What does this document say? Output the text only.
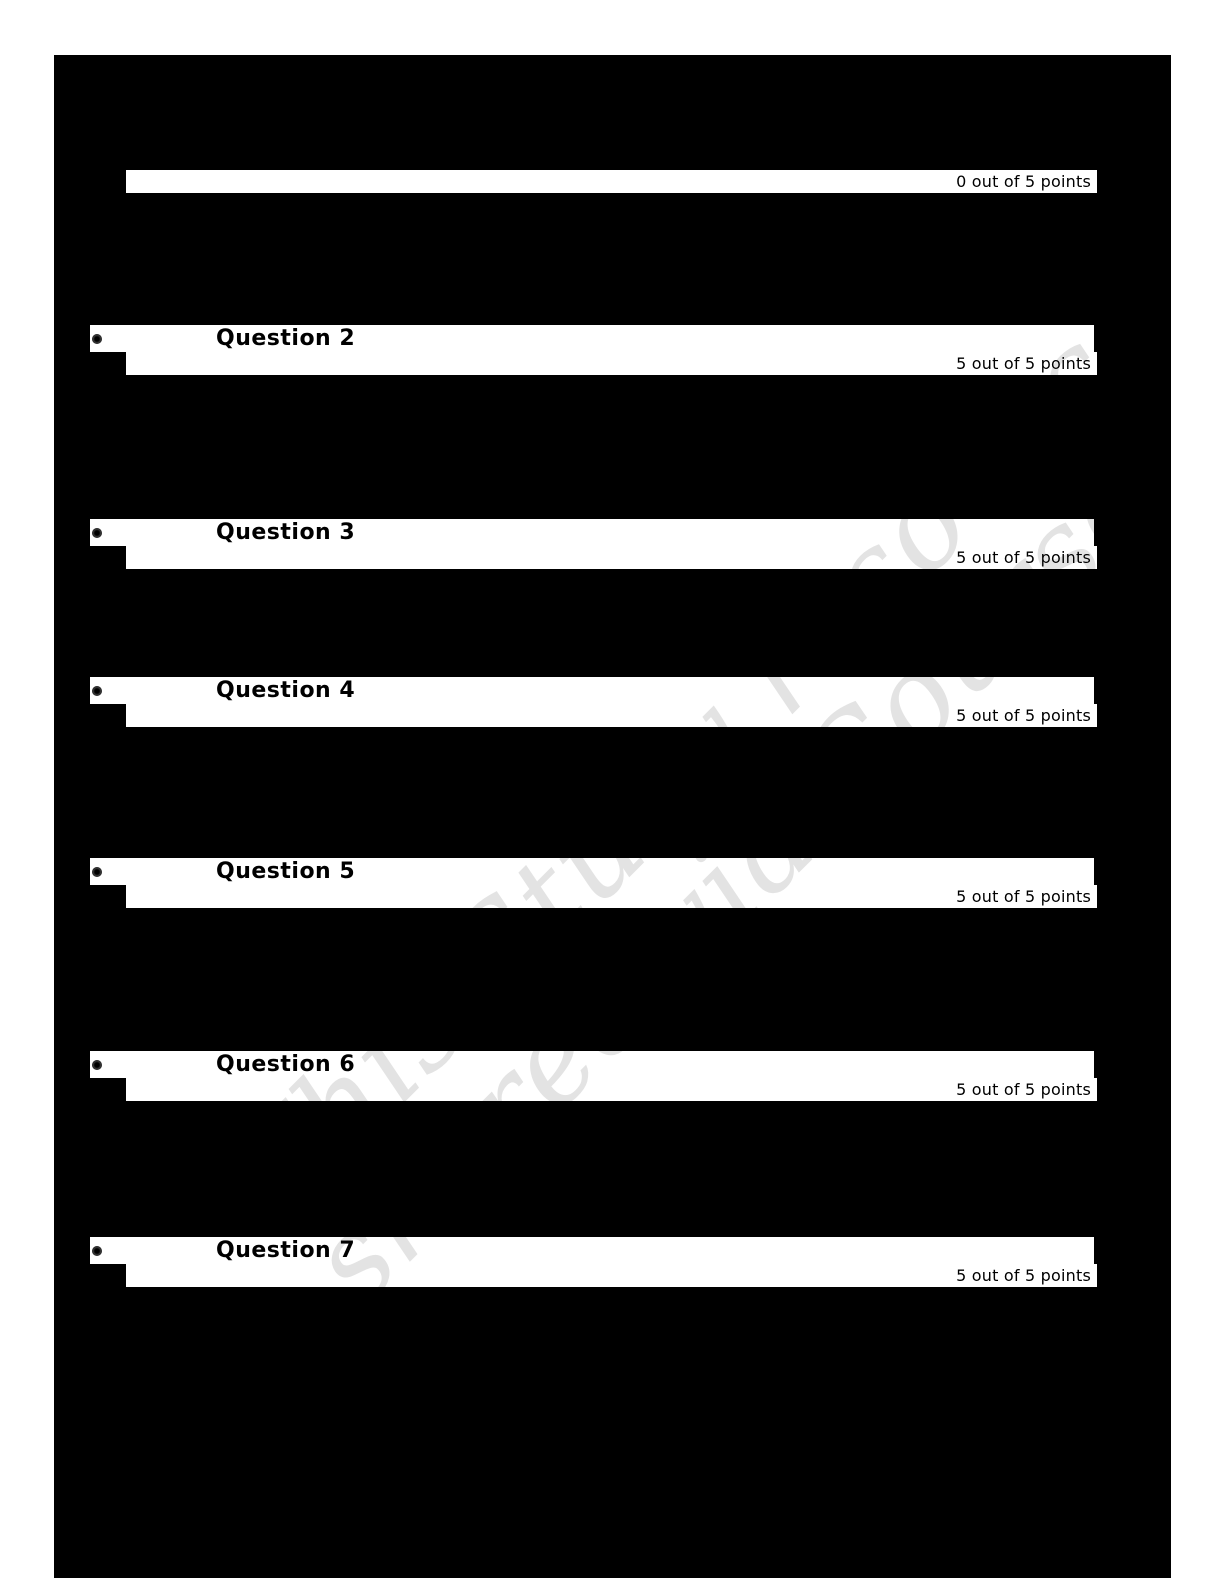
0 out of 5 points
Question 2
5 out of 5 points
Question 3
5 out of 5 points
Question 4
5 out of 5 points
Question 5
5 out of 5 points
Question 6
5 out of 5 points
Question 7
5 out of 5 points
shared via
